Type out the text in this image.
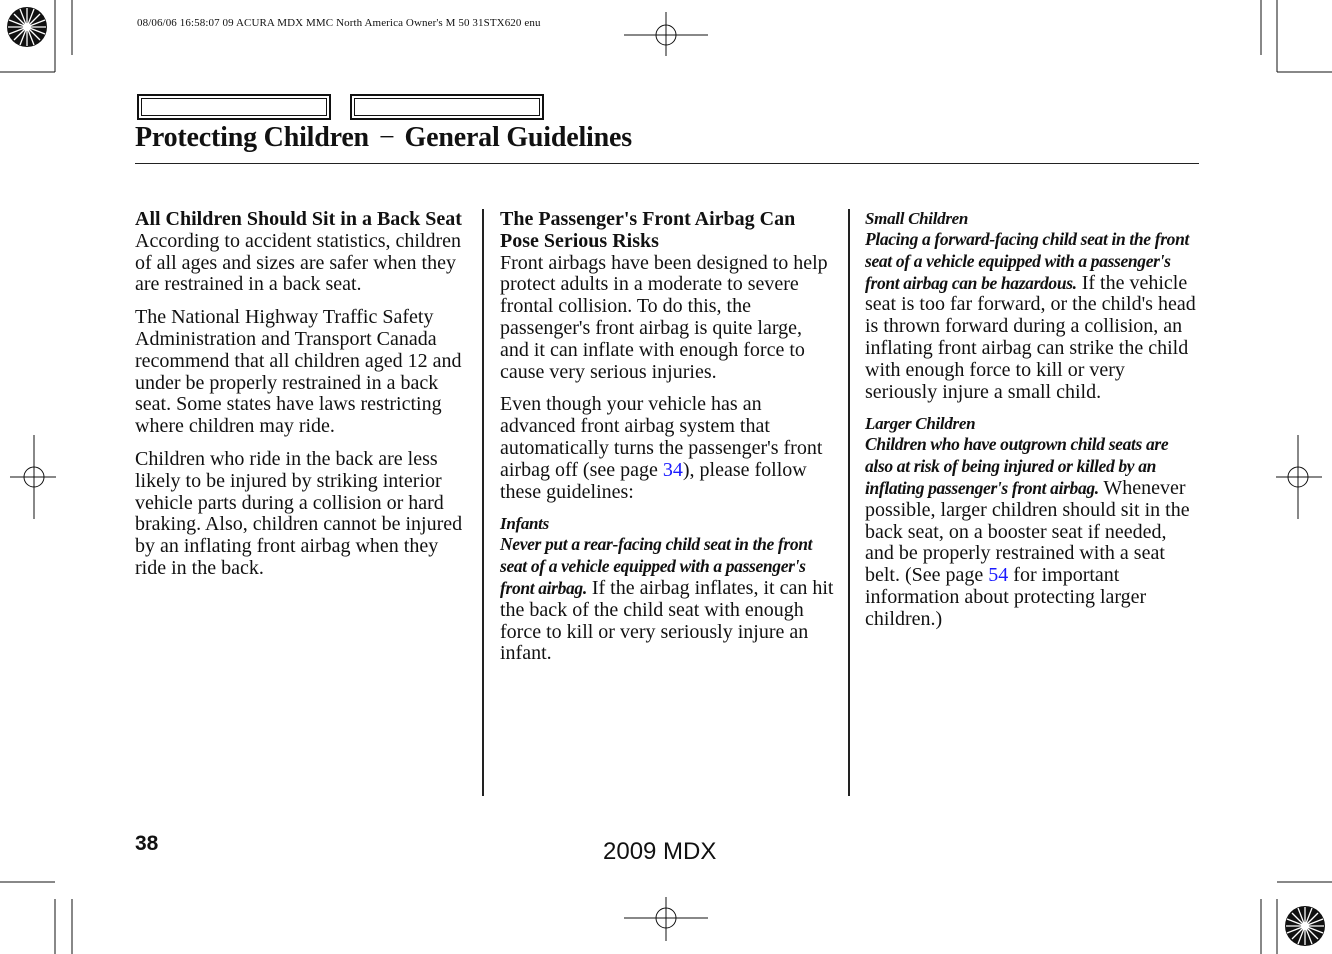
08/06/06 16:58:07 09 ACURA MDX MMC North America Owner's M 50 31STX620 enu
Protecting Children − General Guidelines
All Children Should Sit in a Back Seat

According to accident statistics, children of all ages and sizes are safer when they are restrained in a back seat.

The National Highway Traffic Safety Administration and Transport Canada recommend that all children aged 12 and under be properly restrained in a back seat. Some states have laws restricting where children may ride.

Children who ride in the back are less likely to be injured by striking interior vehicle parts during a collision or hard braking. Also, children cannot be injured by an inflating front airbag when they ride in the back.

The Passenger's Front Airbag Can Pose Serious Risks

Front airbags have been designed to help protect adults in a moderate to severe frontal collision. To do this, the passenger's front airbag is quite large, and it can inflate with enough force to cause very serious injuries.

Even though your vehicle has an advanced front airbag system that automatically turns the passenger's front airbag off (see page 34), please follow these guidelines:

Infants

Never put a rear-facing child seat in the front seat of a vehicle equipped with a passenger's front airbag. If the airbag inflates, it can hit the back of the child seat with enough force to kill or very seriously injure an infant.

Small Children

Placing a forward-facing child seat in the front seat of a vehicle equipped with a passenger's front airbag can be hazardous. If the vehicle seat is too far forward, or the child's head is thrown forward during a collision, an inflating front airbag can strike the child with enough force to kill or very seriously injure a small child.

Larger Children

Children who have outgrown child seats are also at risk of being injured or killed by an inflating passenger's front airbag. Whenever possible, larger children should sit in the back seat, on a booster seat if needed, and be properly restrained with a seat belt. (See page 54 for important information about protecting larger children.)

38	2009 MDX
